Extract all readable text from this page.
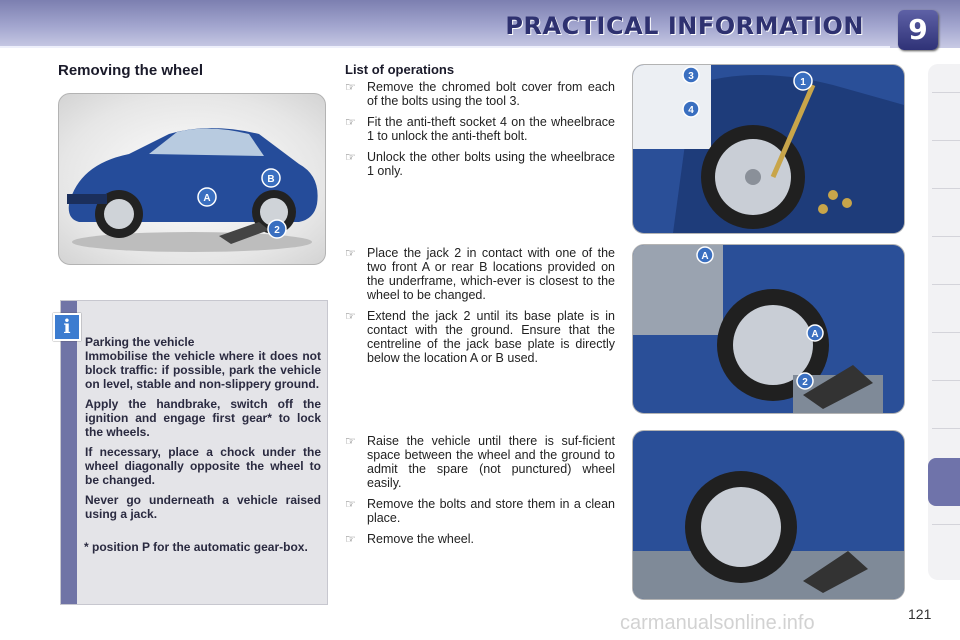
PRACTICAL INFORMATION	9
Removing the wheel
A
B
2
i

Parking the vehicle

Immobilise the vehicle where it does not block traffic: if possible, park the vehicle on level, stable and non-slippery ground.

Apply the handbrake, switch off the ignition and engage first gear* to lock the wheels.

If necessary, place a chock under the wheel diagonally opposite the wheel to be changed.

Never go underneath a vehicle raised using a jack.

* position P for the automatic gear-box.
List of operations
☞ Remove the chromed bolt cover from each of the bolts using the tool 3.
☞ Fit the anti-theft socket 4 on the wheelbrace 1 to unlock the anti-theft bolt.
☞ Unlock the other bolts using the wheelbrace 1 only.
☞ Place the jack 2 in contact with one of the two front A or rear B locations provided on the underframe, which-ever is closest to the wheel to be changed.
☞ Extend the jack 2 until its base plate is in contact with the ground. Ensure that the centreline of the jack base plate is directly below the location A or B used.
☞ Raise the vehicle until there is suf-ficient space between the wheel and the ground to admit the spare (not punctured) wheel easily.
☞ Remove the bolts and store them in a clean place.
☞ Remove the wheel.
1
3
4
A
A
2
121
carmanualsonline.info
